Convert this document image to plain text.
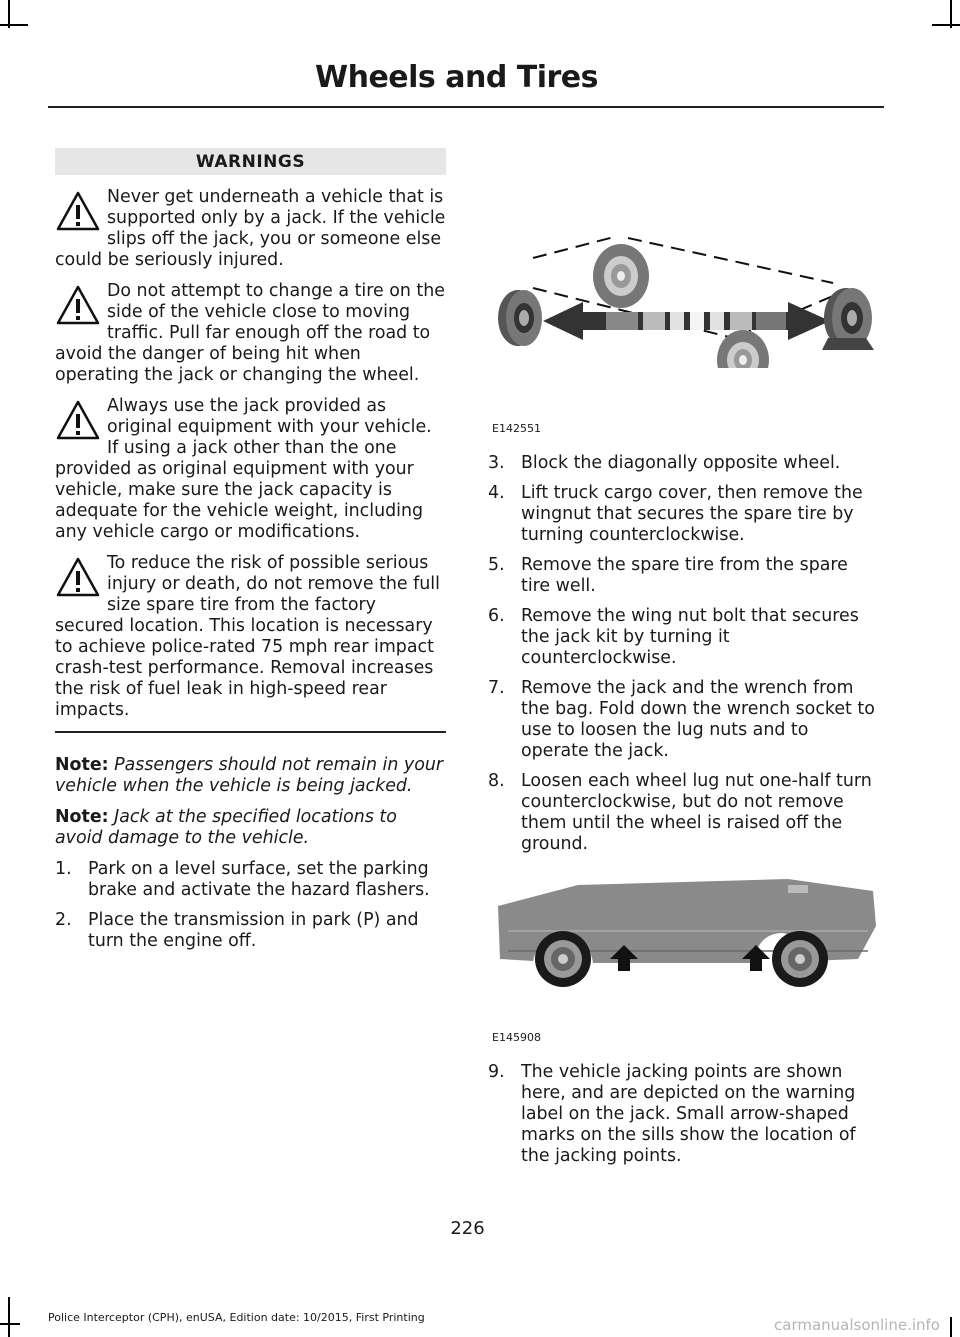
Wheels and Tires
WARNINGS
Never get underneath a vehicle that is supported only by a jack. If the vehicle slips off the jack, you or someone else could be seriously injured.
Do not attempt to change a tire on the side of the vehicle close to moving traffic. Pull far enough off the road to avoid the danger of being hit when operating the jack or changing the wheel.
Always use the jack provided as original equipment with your vehicle. If using a jack other than the one provided as original equipment with your vehicle, make sure the jack capacity is adequate for the vehicle weight, including any vehicle cargo or modifications.
To reduce the risk of possible serious injury or death, do not remove the full size spare tire from the factory secured location. This location is necessary to achieve police-rated 75 mph rear impact crash-test performance. Removal increases the risk of fuel leak in high-speed rear impacts.

Note: Passengers should not remain in your vehicle when the vehicle is being jacked.

Note: Jack at the specified locations to avoid damage to the vehicle.

1. Park on a level surface, set the parking brake and activate the hazard flashers.
2. Place the transmission in park (P) and turn the engine off.
E142551
3. Block the diagonally opposite wheel.
4. Lift truck cargo cover, then remove the wingnut that secures the spare tire by turning counterclockwise.
5. Remove the spare tire from the spare tire well.
6. Remove the wing nut bolt that secures the jack kit by turning it counterclockwise.
7. Remove the jack and the wrench from the bag. Fold down the wrench socket to use to loosen the lug nuts and to operate the jack.
8. Loosen each wheel lug nut one-half turn counterclockwise, but do not remove them until the wheel is raised off the ground.
E145908
9. The vehicle jacking points are shown here, and are depicted on the warning label on the jack. Small arrow-shaped marks on the sills show the location of the jacking points.
226
Police Interceptor (CPH), enUSA, Edition date: 10/2015, First Printing	carmanualsonline.info
